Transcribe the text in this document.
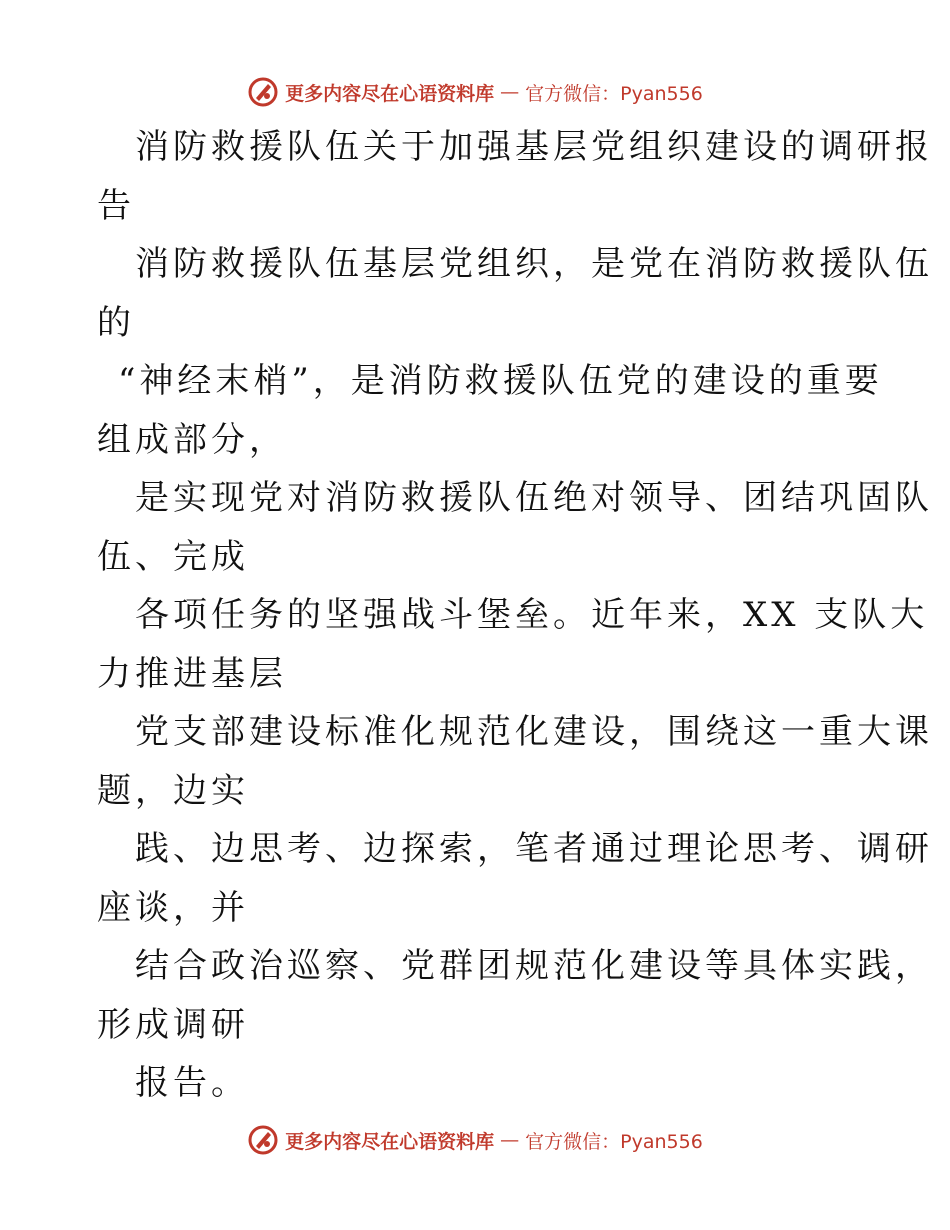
更多内容尽在心语资料库 — 官方微信：Pyan556
消防救援队伍关于加强基层党组织建设的调研报
告
消防救援队伍基层党组织，是党在消防救援队伍
的
“神经末梢”，是消防救援队伍党的建设的重要
组成部分，
是实现党对消防救援队伍绝对领导、团结巩固队
伍、完成
各项任务的坚强战斗堡垒。近年来，XX 支队大
力推进基层
党支部建设标准化规范化建设，围绕这一重大课
题，边实
践、边思考、边探索，笔者通过理论思考、调研
座谈，并
结合政治巡察、党群团规范化建设等具体实践，
形成调研
报告。
更多内容尽在心语资料库 — 官方微信：Pyan556
